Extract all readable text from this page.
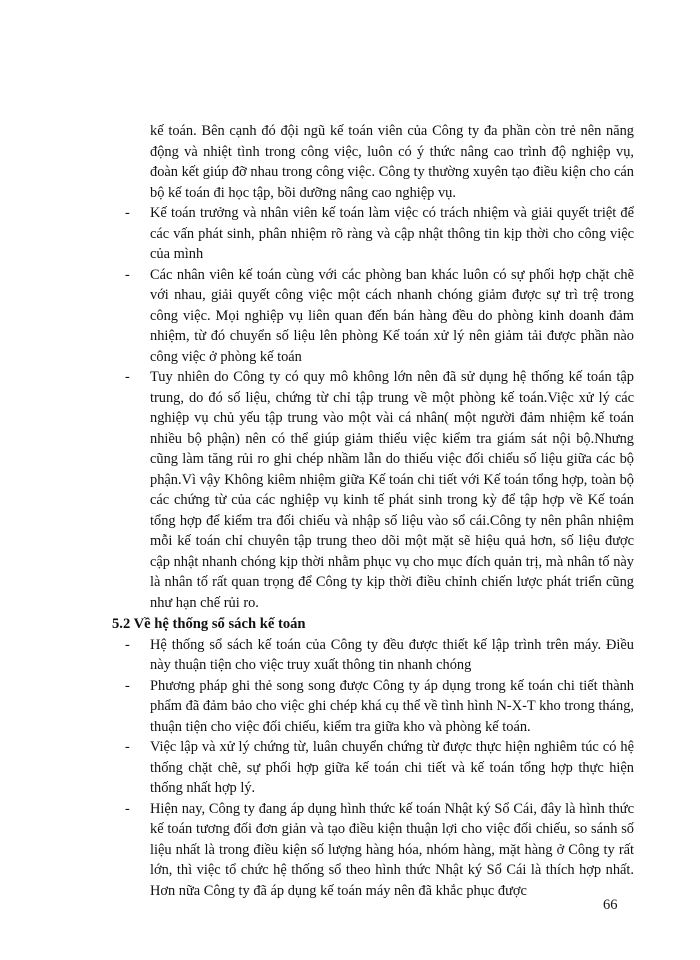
kế toán. Bên cạnh đó đội ngũ kế toán viên của Công ty đa phần còn trẻ nên năng động và nhiệt tình trong công việc, luôn có ý thức nâng cao trình độ nghiệp vụ, đoàn kết giúp đỡ nhau trong công việc. Công ty thường xuyên tạo điều kiện cho cán bộ kế toán đi học tập, bồi dưỡng nâng cao nghiệp vụ.

- Kế toán trưởng và nhân viên kế toán làm việc có trách nhiệm và giải quyết triệt để các vấn phát sinh, phân nhiệm rõ ràng và cập nhật thông tin kịp thời cho công việc của mình
- Các nhân viên kế toán cùng với các phòng ban khác luôn có sự phối hợp chặt chẽ với nhau, giải quyết công việc một cách nhanh chóng giảm được sự trì trệ trong công việc. Mọi nghiệp vụ liên quan đến bán hàng đều do phòng kinh doanh đảm nhiệm, từ đó chuyển số liệu lên phòng Kế toán xử lý nên giảm tải được phần nào công việc ở phòng kế toán
- Tuy nhiên do Công ty có quy mô không lớn nên đã sử dụng hệ thống kế toán tập trung, do đó số liệu, chứng từ chỉ tập trung về một phòng kế toán.Việc xử lý các nghiệp vụ chủ yếu tập trung vào một vài cá nhân( một người đảm nhiệm kế toán nhiều bộ phận) nên có thể giúp giảm thiểu việc kiểm tra giám sát nội bộ.Nhưng cũng làm tăng rủi ro ghi chép nhầm lẫn do thiếu việc đối chiếu số liệu giữa các bộ phận.Vì vậy Không kiêm nhiệm giữa Kế toán chi tiết với Kế toán tổng hợp, toàn bộ các chứng từ của các nghiệp vụ kinh tế phát sinh trong kỳ để tập hợp về Kế toán tổng hợp để kiểm tra đối chiếu và nhập số liệu vào sổ cái.Công ty nên phân nhiệm mỗi kế toán chỉ chuyên tập trung theo dõi một mặt sẽ hiệu quả hơn, số liệu được cập nhật nhanh chóng kịp thời nhằm phục vụ cho mục đích quản trị, mà nhân tố này là nhân tố rất quan trọng để Công ty kịp thời điều chỉnh chiến lược phát triển cũng như hạn chế rủi ro.
5.2 Về hệ thống sổ sách kế toán
- Hệ thống sổ sách kế toán của Công ty đều được thiết kế lập trình trên máy. Điều này thuận tiện cho việc truy xuất thông tin nhanh chóng
- Phương pháp ghi thẻ song song được Công ty áp dụng trong kế toán chi tiết thành phẩm đã đảm bảo cho việc ghi chép khá cụ thể về tình hình N-X-T kho trong tháng, thuận tiện cho việc đối chiếu, kiểm tra giữa kho và phòng kế toán.
- Việc lập và xử lý chứng từ, luân chuyển chứng từ được thực hiện nghiêm túc có hệ thống chặt chẽ, sự phối hợp giữa kế toán chi tiết và kế toán tổng hợp thực hiện thống nhất hợp lý.
- Hiện nay, Công ty đang áp dụng hình thức kế toán Nhật ký Sổ Cái, đây là hình thức kế toán tương đối đơn giản và tạo điều kiện thuận lợi cho việc đối chiếu, so sánh số liệu nhất là trong điều kiện số lượng hàng hóa, nhóm hàng, mặt hàng ở Công ty rất lớn, thì việc tổ chức hệ thống sổ theo hình thức Nhật ký Sổ Cái là thích hợp nhất. Hơn nữa Công ty đã áp dụng kế toán máy nên đã khắc phục được
66
